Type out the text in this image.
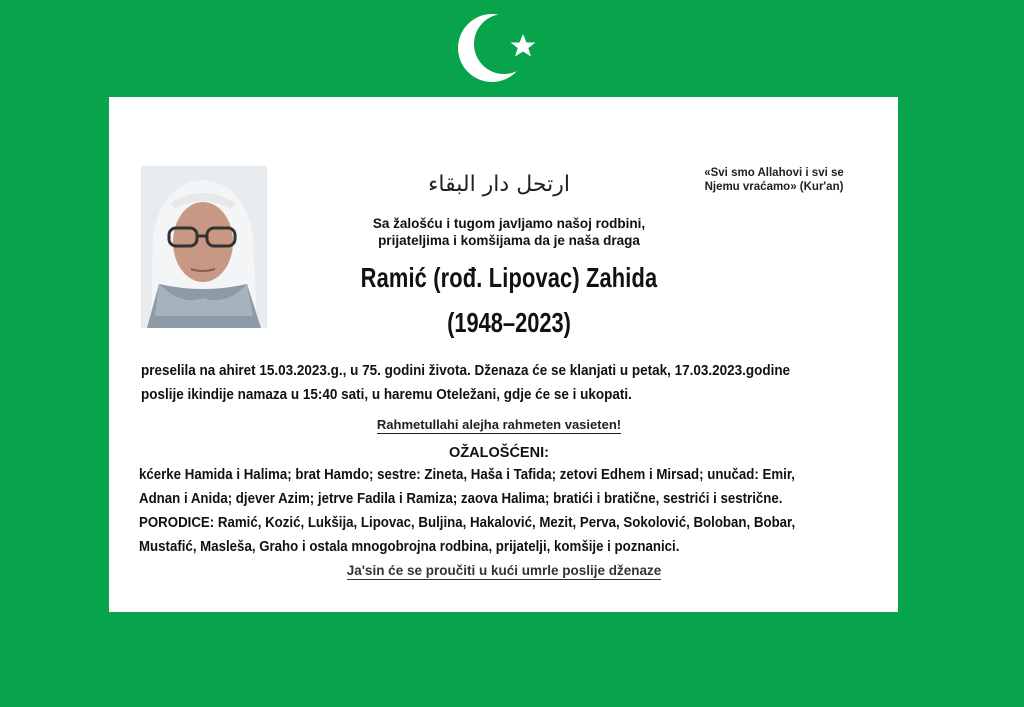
ارتحل دار البقاء	«Svi smo Allahovi i svi se
Njemu vraćamo» (Kur'an)
Sa žalošću i tugom javljamo našoj rodbini,
prijateljima i komšijama da je naša draga
Ramić (rođ. Lipovac) Zahida
(1948–2023)
preselila na ahiret 15.03.2023.g., u 75. godini života. Dženaza će se klanjati u petak, 17.03.2023.godine
poslije ikindije namaza u 15:40 sati, u haremu Oteležani, gdje će se i ukopati.
Rahmetullahi alejha rahmeten vasieten!
OŽALOŠĆENI:

kćerke Hamida i Halima; brat Hamdo; sestre: Zineta, Haša i Tafida; zetovi Edhem i Mirsad; unučad: Emir,

Adnan i Anida; djever Azim; jetrve Fadila i Ramiza; zaova Halima; bratići i bratične, sestrići i sestrične.

PORODICE: Ramić, Kozić, Lukšija, Lipovac, Buljina, Hakalović, Mezit, Perva, Sokolović, Boloban, Bobar,

Mustafić, Masleša, Graho i ostala mnogobrojna rodbina, prijatelji, komšije i poznanici.

Ja'sin će se proučiti u kući umrle poslije dženaze
